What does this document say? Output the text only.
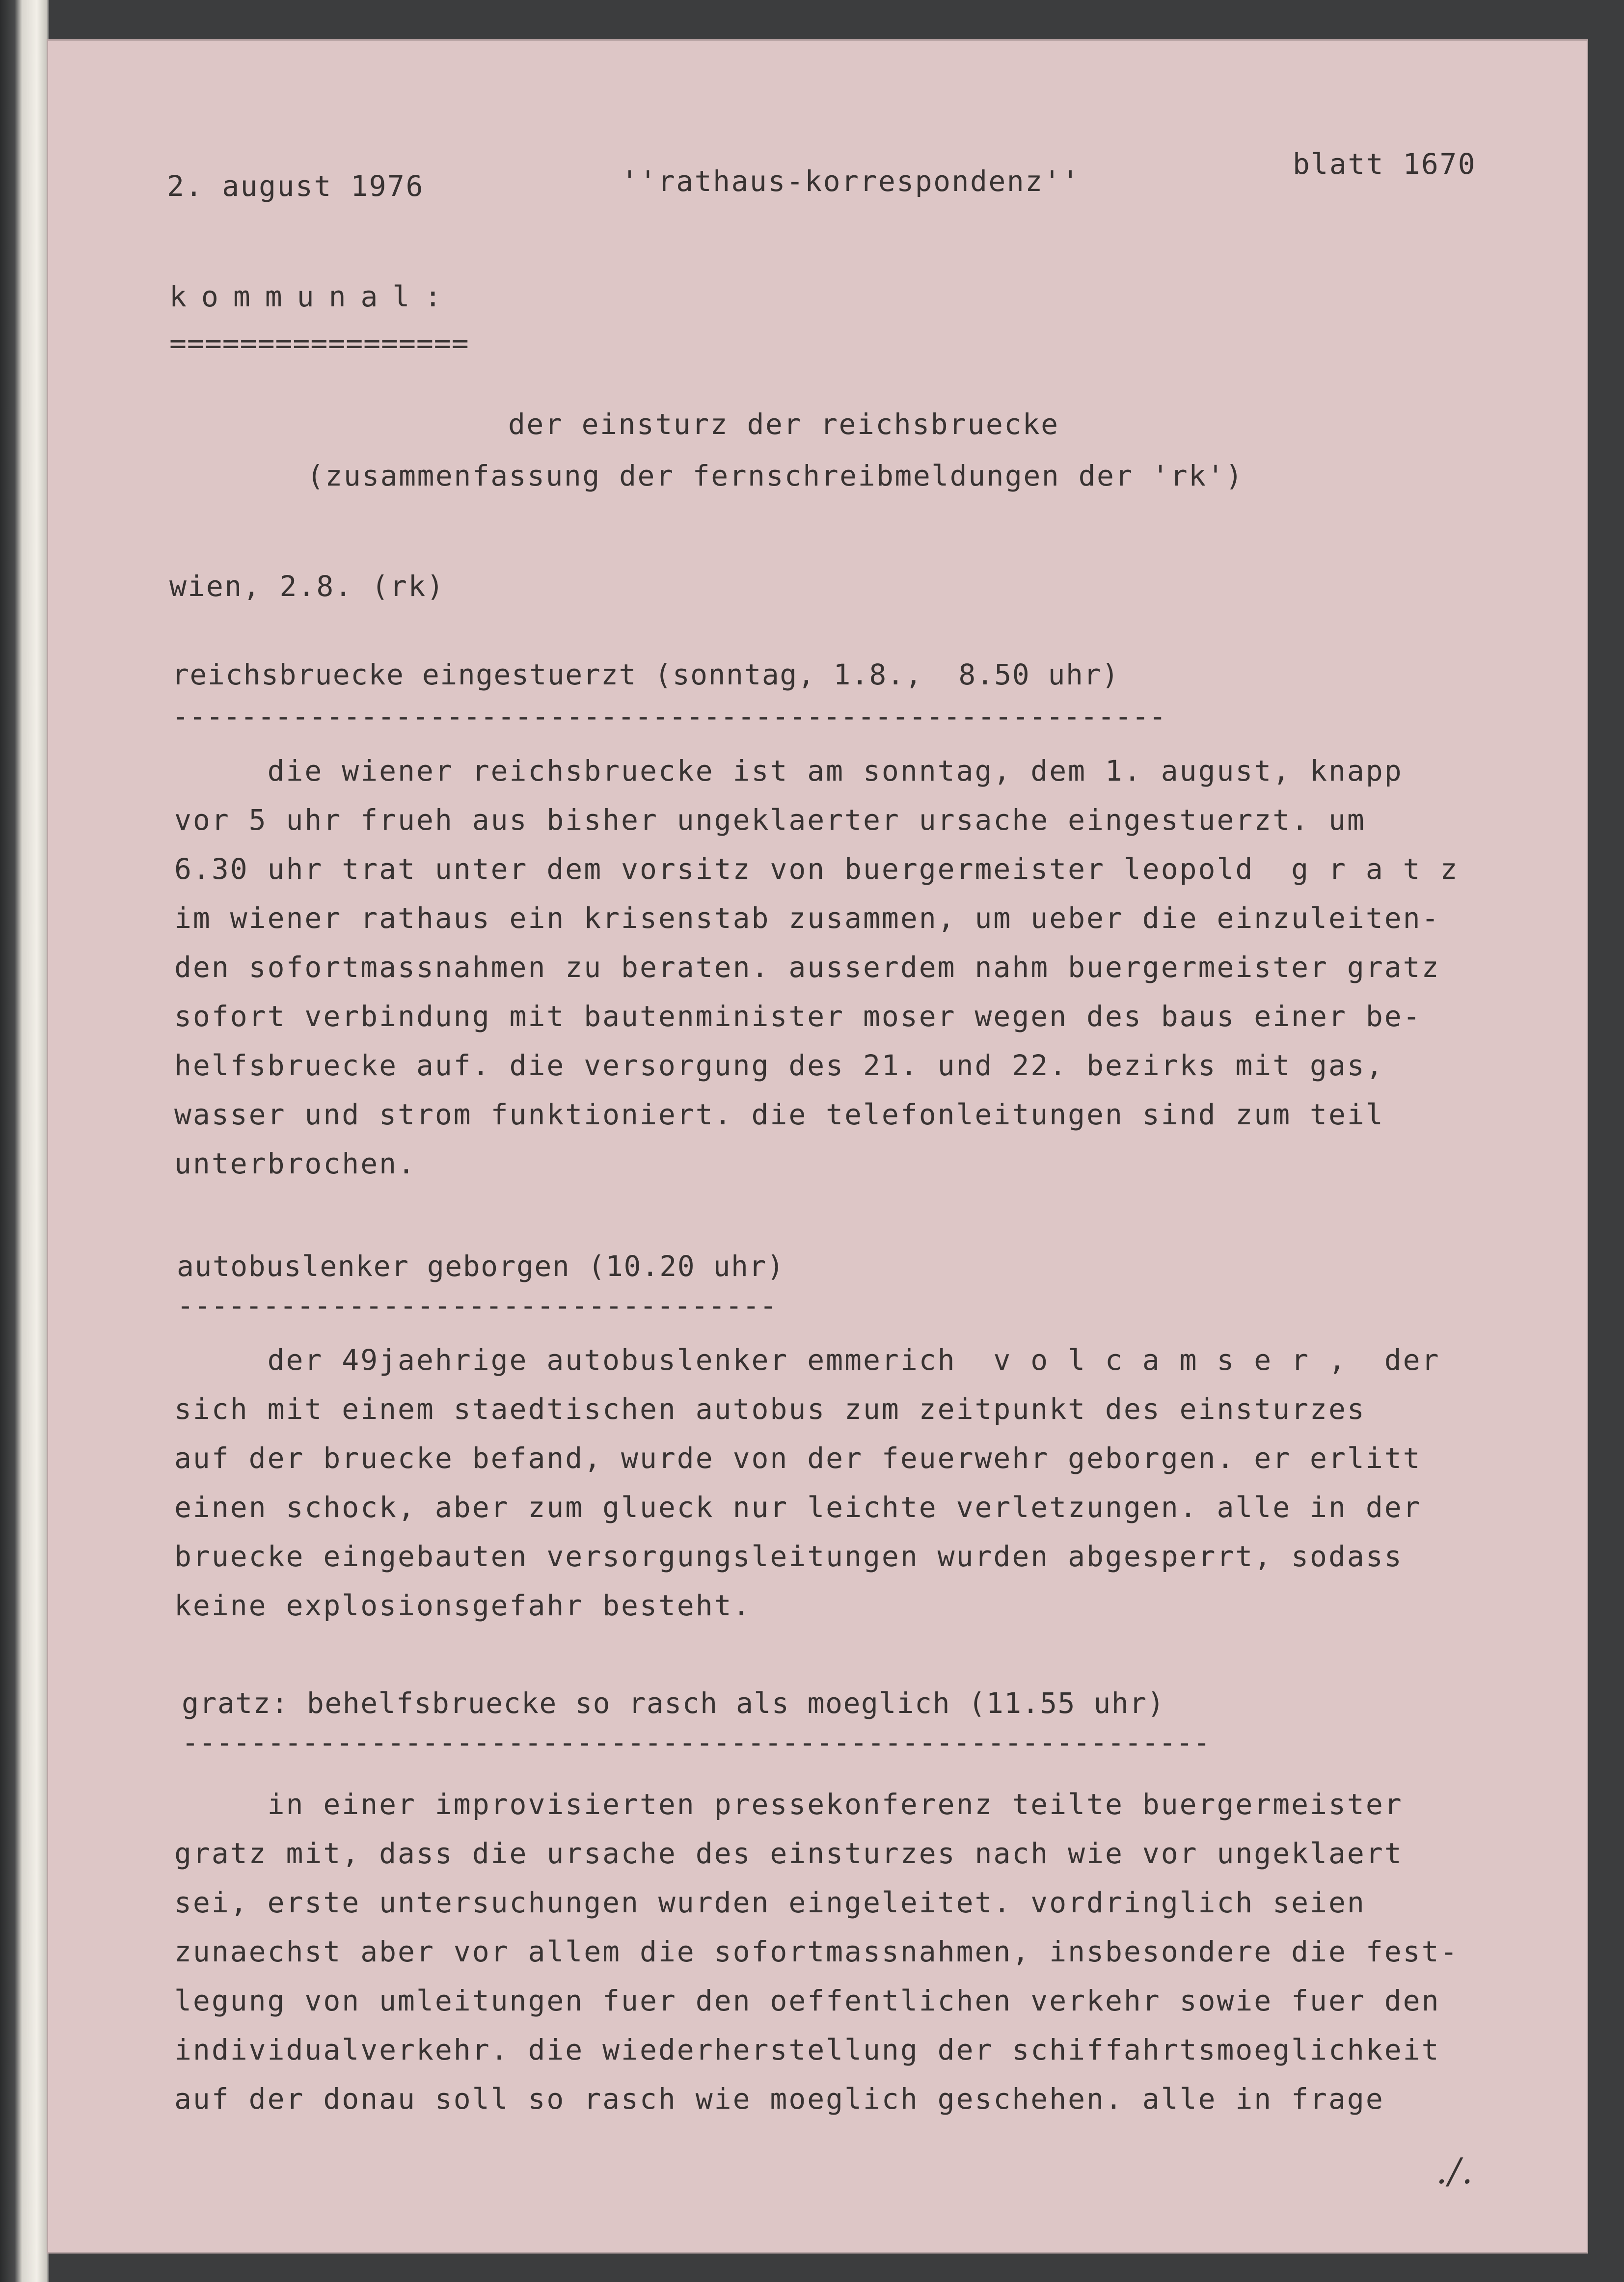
2. august 1976	''rathaus-korrespondenz''
blatt 1670
kommunal:
=================
der einsturz der reichsbruecke
(zusammenfassung der fernschreibmeldungen der 'rk')
wien, 2.8. (rk)
reichsbruecke eingestuerzt (sonntag, 1.8.,  8.50 uhr)
----------------------------------------------------------

die wiener reichsbruecke ist am sonntag, dem 1. august, knapp

vor 5 uhr frueh aus bisher ungeklaerter ursache eingestuerzt. um

6.30 uhr trat unter dem vorsitz von buergermeister leopold  g r a t z

im wiener rathaus ein krisenstab zusammen, um ueber die einzuleiten-

den sofortmassnahmen zu beraten. ausserdem nahm buergermeister gratz

sofort verbindung mit bautenminister moser wegen des baus einer be-

helfsbruecke auf. die versorgung des 21. und 22. bezirks mit gas,

wasser und strom funktioniert. die telefonleitungen sind zum teil

unterbrochen.

autobuslenker geborgen (10.20 uhr)
-----------------------------------

der 49jaehrige autobuslenker emmerich  v o l c a m s e r ,  der

sich mit einem staedtischen autobus zum zeitpunkt des einsturzes

auf der bruecke befand, wurde von der feuerwehr geborgen. er erlitt

einen schock, aber zum glueck nur leichte verletzungen. alle in der

bruecke eingebauten versorgungsleitungen wurden abgesperrt, sodass

keine explosionsgefahr besteht.

gratz: behelfsbruecke so rasch als moeglich (11.55 uhr)
------------------------------------------------------------

in einer improvisierten pressekonferenz teilte buergermeister

gratz mit, dass die ursache des einsturzes nach wie vor ungeklaert

sei, erste untersuchungen wurden eingeleitet. vordringlich seien

zunaechst aber vor allem die sofortmassnahmen, insbesondere die fest-

legung von umleitungen fuer den oeffentlichen verkehr sowie fuer den

individualverkehr. die wiederherstellung der schiffahrtsmoeglichkeit

auf der donau soll so rasch wie moeglich geschehen. alle in frage

./.
